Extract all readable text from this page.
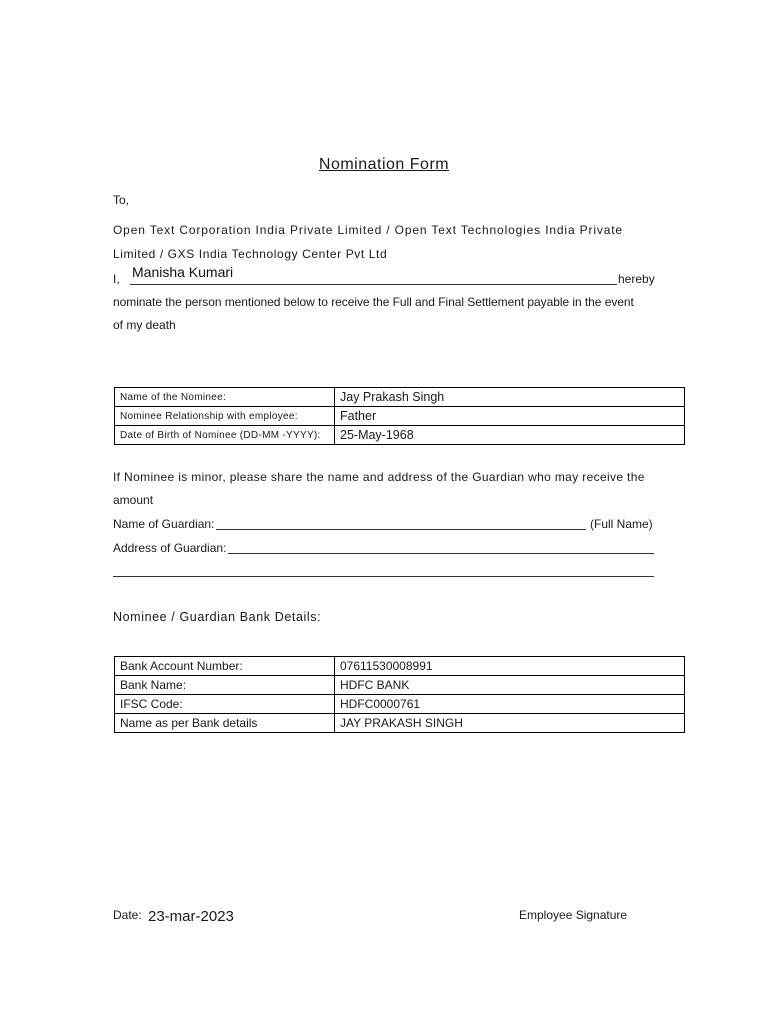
Nomination Form
To,
Open Text Corporation India Private Limited / Open Text Technologies India Private
Limited / GXS India Technology Center Pvt Ltd
I, Manisha Kumari	hereby
nominate the person mentioned below to receive the Full and Final Settlement payable in the event
of my death
Name of the Nominee:	Jay Prakash Singh
Nominee Relationship with employee:	Father
Date of Birth of Nominee (DD-MM -YYYY):	25-May-1968
If Nominee is minor, please share the name and address of the Guardian who may receive the
amount
Name of Guardian:	(Full Name)
Address of Guardian:
Nominee / Guardian Bank Details:
Bank Account Number:	07611530008991
Bank Name:	HDFC BANK
IFSC Code:	HDFC0000761
Name as per Bank details	JAY PRAKASH SINGH
Date: 23-mar-2023	Employee Signature
